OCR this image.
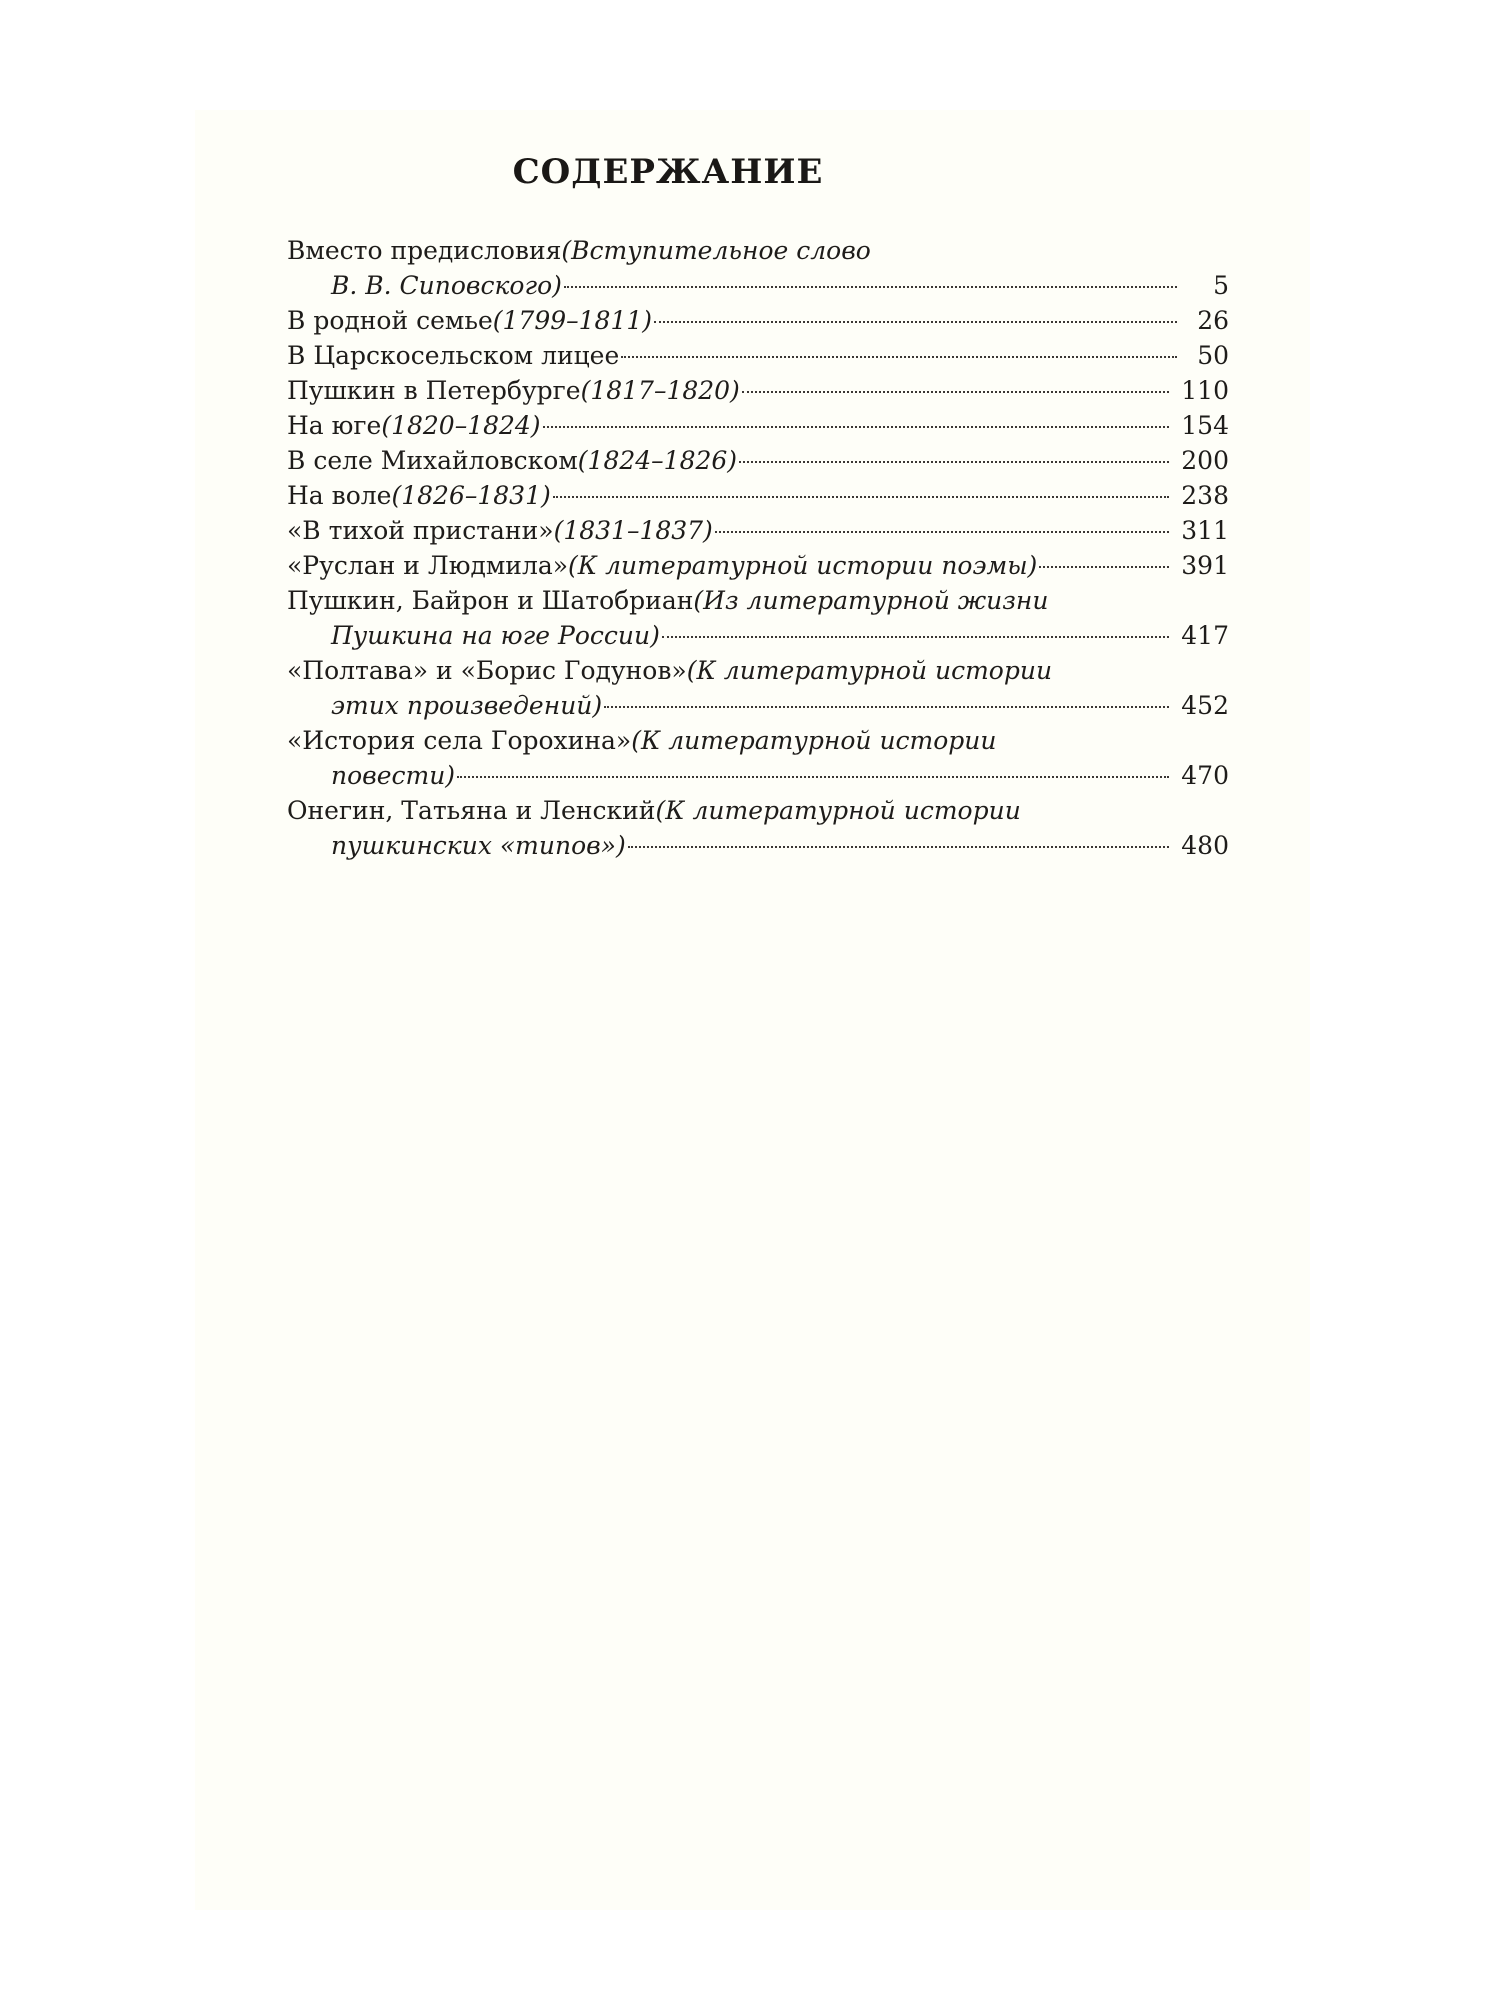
СОДЕРЖАНИЕ
Вместо предисловия (Вступительное слово
В. В. Сиповского)	5
В родной семье (1799–1811)	26
В Царскосельском лицее	50
Пушкин в Петербурге (1817–1820)	110
На юге (1820–1824)	154
В селе Михайловском (1824–1826)	200
На воле (1826–1831)	238
«В тихой пристани» (1831–1837)	311
«Руслан и Людмила» (К литературной истории поэмы)	391
Пушкин, Байрон и Шатобриан (Из литературной жизни
Пушкина на юге России)	417
«Полтава» и «Борис Годунов» (К литературной истории
этих произведений)	452
«История села Горохина» (К литературной истории
повести)	470
Онегин, Татьяна и Ленский (К литературной истории
пушкинских «типов»)	480
